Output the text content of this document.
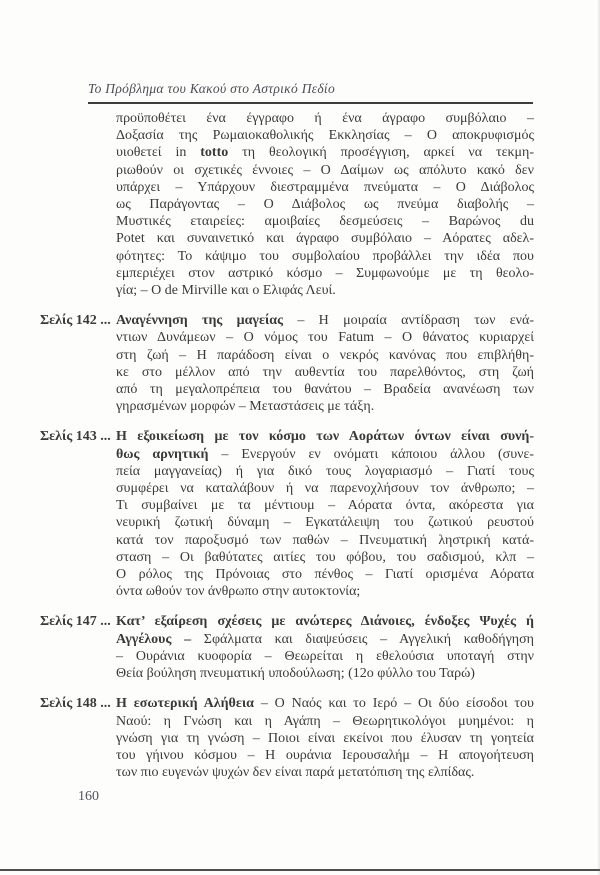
Το Πρόβλημα του Κακού στο Αστρικό Πεδίο
προϋποθέτει ένα έγγραφο ή ένα άγραφο συμβόλαιο –
Δοξασία της Ρωμαιοκαθολικής Εκκλησίας – Ο αποκρυφισμός
υιοθετεί in totto τη θεολογική προσέγγιση, αρκεί να τεκμη-
ριωθούν οι σχετικές έννοιες – Ο Δαίμων ως απόλυτο κακό δεν
υπάρχει – Υπάρχουν διεστραμμένα πνεύματα – Ο Διάβολος
ως Παράγοντας – Ο Διάβολος ως πνεύμα διαβολής –
Μυστικές εταιρείες: αμοιβαίες δεσμεύσεις – Βαρώνος du
Potet και συναινετικό και άγραφο συμβόλαιο – Αόρατες αδελ-
φότητες: Το κάψιμο του συμβολαίου προβάλλει την ιδέα που
εμπεριέχει στον αστρικό κόσμο – Συμφωνούμε με τη θεολο-
γία; – Ο de Mirville και ο Ελιφάς Λευί.
Σελίς 142 ... Αναγέννηση της μαγείας – Η μοιραία αντίδραση των ενά-
ντιων Δυνάμεων – Ο νόμος του Fatum – Ο θάνατος κυριαρχεί
στη ζωή – Η παράδοση είναι ο νεκρός κανόνας που επιβλήθη-
κε στο μέλλον από την αυθεντία του παρελθόντος, στη ζωή
από τη μεγαλοπρέπεια του θανάτου – Βραδεία ανανέωση των
γηρασμένων μορφών – Μεταστάσεις με τάξη.
Σελίς 143 ... Η εξοικείωση με τον κόσμο των Αοράτων όντων είναι συνή-
θως αρνητική – Ενεργούν εν ονόματι κάποιου άλλου (συνε-
πεία μαγγανείας) ή για δικό τους λογαριασμό – Γιατί τους
συμφέρει να καταλάβουν ή να παρενοχλήσουν τον άνθρωπο; –
Τι συμβαίνει με τα μέντιουμ – Αόρατα όντα, ακόρεστα για
νευρική ζωτική δύναμη – Εγκατάλειψη του ζωτικού ρευστού
κατά τον παροξυσμό των παθών – Πνευματική ληστρική κατά-
σταση – Οι βαθύτατες αιτίες του φόβου, του σαδισμού, κλπ –
Ο ρόλος της Πρόνοιας στο πένθος – Γιατί ορισμένα Αόρατα
όντα ωθούν τον άνθρωπο στην αυτοκτονία;
Σελίς 147 ... Κατ’ εξαίρεση σχέσεις με ανώτερες Διάνοιες, ένδοξες Ψυχές ή
Αγγέλους – Σφάλματα και διαψεύσεις – Αγγελική καθοδήγηση
– Ουράνια κυοφορία – Θεωρείται η εθελούσια υποταγή στην
Θεία βούληση πνευματική υποδούλωση; (12ο φύλλο του Ταρώ)
Σελίς 148 ... Η εσωτερική Αλήθεια – Ο Ναός και το Ιερό – Οι δύο είσοδοι του
Ναού: η Γνώση και η Αγάπη – Θεωρητικολόγοι μυημένοι: η
γνώση για τη γνώση – Ποιοι είναι εκείνοι που έλυσαν τη γοητεία
του γήινου κόσμου – Η ουράνια Ιερουσαλήμ – Η απογοήτευση
των πιο ευγενών ψυχών δεν είναι παρά μετατόπιση της ελπίδας.
160
